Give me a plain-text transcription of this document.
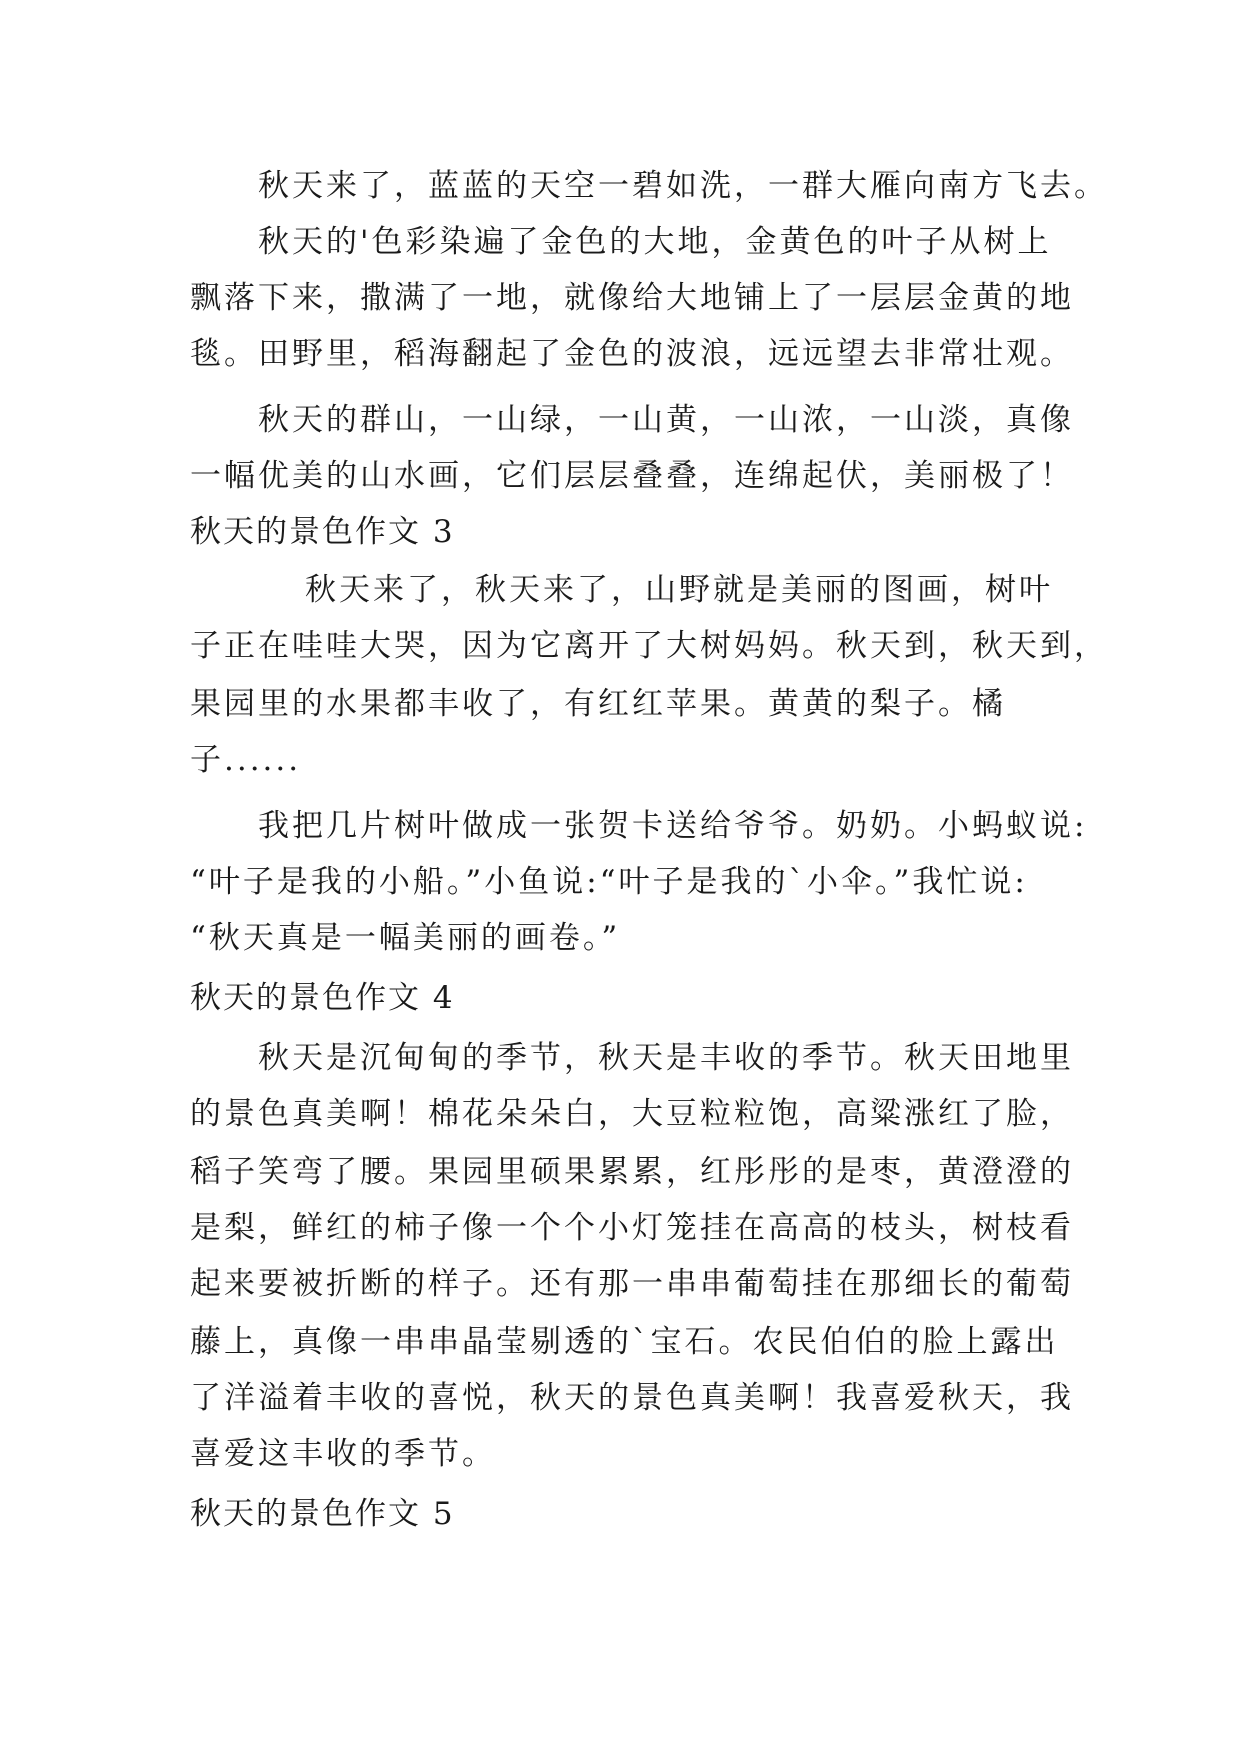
秋天来了，蓝蓝的天空一碧如洗，一群大雁向南方飞去。
秋天的'色彩染遍了金色的大地，金黄色的叶子从树上
飘落下来，撒满了一地，就像给大地铺上了一层层金黄的地
毯。田野里，稻海翻起了金色的波浪，远远望去非常壮观。
秋天的群山，一山绿，一山黄，一山浓，一山淡，真像
一幅优美的山水画，它们层层叠叠，连绵起伏，美丽极了！
秋天的景色作文 3
秋天来了，秋天来了，山野就是美丽的图画，树叶
子正在哇哇大哭，因为它离开了大树妈妈。秋天到，秋天到，
果园里的水果都丰收了，有红红苹果。黄黄的梨子。橘
子......
我把几片树叶做成一张贺卡送给爷爷。奶奶。小蚂蚁说:
“叶子是我的小船。”小鱼说:“叶子是我的`小伞。”我忙说:
“秋天真是一幅美丽的画卷。”
秋天的景色作文 4
秋天是沉甸甸的季节，秋天是丰收的季节。秋天田地里
的景色真美啊！棉花朵朵白，大豆粒粒饱，高粱涨红了脸，
稻子笑弯了腰。果园里硕果累累，红彤彤的是枣，黄澄澄的
是梨，鲜红的柿子像一个个小灯笼挂在高高的枝头，树枝看
起来要被折断的样子。还有那一串串葡萄挂在那细长的葡萄
藤上，真像一串串晶莹剔透的`宝石。农民伯伯的脸上露出
了洋溢着丰收的喜悦，秋天的景色真美啊！我喜爱秋天，我
喜爱这丰收的季节。
秋天的景色作文 5
